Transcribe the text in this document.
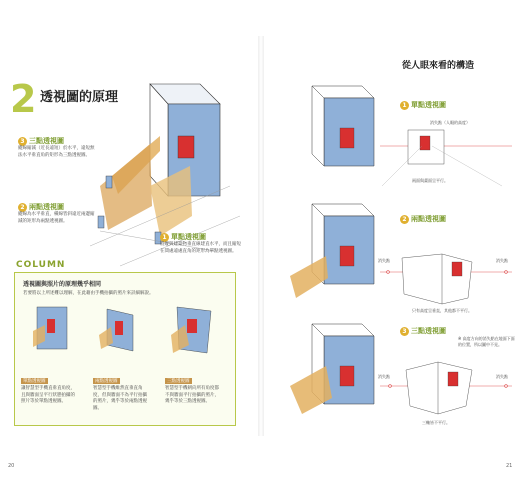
2 透視圖的原理
3 三點透視圖
縱線縮減（近長遠短）於水平，遠短無法水平垂直角的矩形為三點透視圖。
2 兩點透視圖
縱線為水平垂直，橫線皆斜遠近兩邊縮減的矩形為兩點透視圖。
1 單點透視圖
將縱與建築物垂直線建直水平，而且縮短在間處遠處直角的矩形為單點透視圖。
COLUMN
透視圖與照片的原理幾乎相同
若要將以上所述難以理解，在此藉由手機拍攝的照片來詳細解說。
單點透視圖
讓智慧型手機直垂直角度，且與牆面呈平行狀態拍攝的照片等於單點透視圖。
兩點透視圖
智慧型手機維然直垂直角度，但與牆面不為平行拍攝的照片，幾乎等於兩點透視圖。
三點透視圖
智慧型手機朝向所有角度都不與牆面平行拍攝的照片，幾乎等於三點透視圖。
20
從人眼來看的構造
1 單點透視圖
消失點（人眼的高度）
兩面與畫面呈平行。
2 兩點透視圖
消失點	消失點
只有高度呈垂直，其他都不平行。
3 三點透視圖
※ 高度方向的消失點在地面下面的位置，所以圖中不見。
消失點	消失點
三軸皆不平行。
21
